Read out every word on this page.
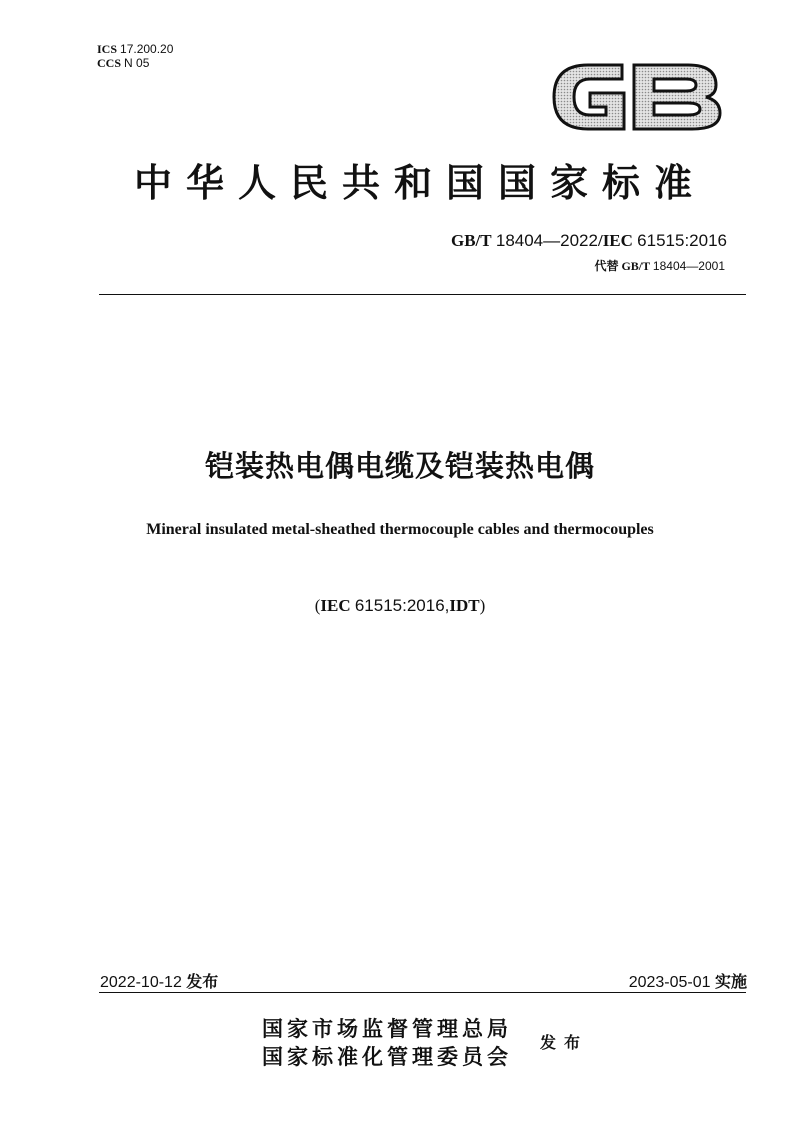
ICS 17.200.20
CCS N 05
中华人民共和国国家标准
GB/T 18404—2022/IEC 61515:2016
代替 GB/T 18404—2001
铠装热电偶电缆及铠装热电偶
Mineral insulated metal-sheathed thermocouple cables and thermocouples
(IEC 61515:2016,IDT)
2022-10-12 发布	2023-05-01 实施
国家市场监督管理总局
国家标准化管理委员会
发布
